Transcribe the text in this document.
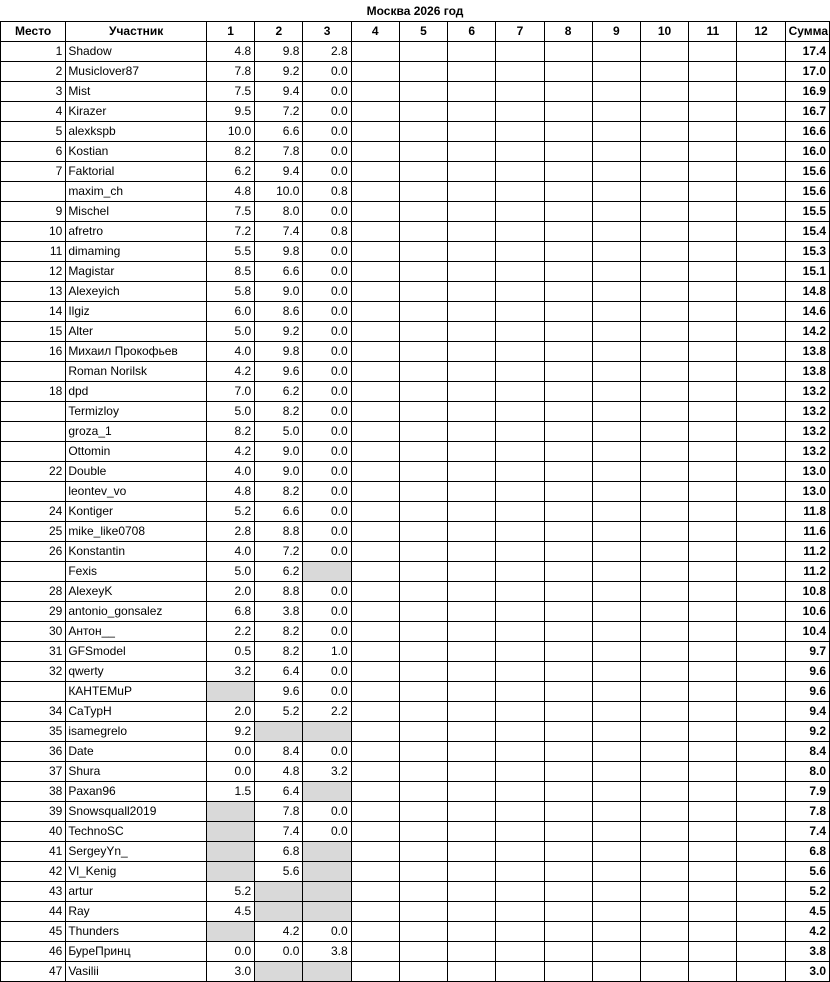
Москва 2026 год
Место	Участник	1	2	3	4	5	6	7	8	9	10	11	12	Сумма
1	Shadow	4.8	9.8	2.8										17.4
2	Musiclover87	7.8	9.2	0.0										17.0
3	Mist	7.5	9.4	0.0										16.9
4	Kirazer	9.5	7.2	0.0										16.7
5	alexkspb	10.0	6.6	0.0										16.6
6	Kostian	8.2	7.8	0.0										16.0
7	Faktorial	6.2	9.4	0.0										15.6
	maxim_ch	4.8	10.0	0.8										15.6
9	Mischel	7.5	8.0	0.0										15.5
10	afretro	7.2	7.4	0.8										15.4
11	dimaming	5.5	9.8	0.0										15.3
12	Magistar	8.5	6.6	0.0										15.1
13	Alexeyich	5.8	9.0	0.0										14.8
14	Ilgiz	6.0	8.6	0.0										14.6
15	Alter	5.0	9.2	0.0										14.2
16	Михаил Прокофьев	4.0	9.8	0.0										13.8
	Roman Norilsk	4.2	9.6	0.0										13.8
18	dpd	7.0	6.2	0.0										13.2
	Termizloy	5.0	8.2	0.0										13.2
	groza_1	8.2	5.0	0.0										13.2
	Ottomin	4.2	9.0	0.0										13.2
22	Double	4.0	9.0	0.0										13.0
	leontev_vo	4.8	8.2	0.0										13.0
24	Kontiger	5.2	6.6	0.0										11.8
25	mike_like0708	2.8	8.8	0.0										11.6
26	Konstantin	4.0	7.2	0.0										11.2
	Fexis	5.0	6.2											11.2
28	AlexeyK	2.0	8.8	0.0										10.8
29	antonio_gonsalez	6.8	3.8	0.0										10.6
30	Антон__	2.2	8.2	0.0										10.4
31	GFSmodel	0.5	8.2	1.0										9.7
32	qwerty	3.2	6.4	0.0										9.6
	КАНТЕМuР		9.6	0.0										9.6
34	CaTypH	2.0	5.2	2.2										9.4
35	isamegrelo	9.2												9.2
36	Date	0.0	8.4	0.0										8.4
37	Shura	0.0	4.8	3.2										8.0
38	Paxan96	1.5	6.4											7.9
39	Snowsquall2019		7.8	0.0										7.8
40	TechnoSC		7.4	0.0										7.4
41	SergeyYn_		6.8											6.8
42	Vl_Kenig		5.6											5.6
43	artur	5.2												5.2
44	Ray	4.5												4.5
45	Thunders		4.2	0.0										4.2
46	БуреПринц	0.0	0.0	3.8										3.8
47	Vasilii	3.0												3.0
